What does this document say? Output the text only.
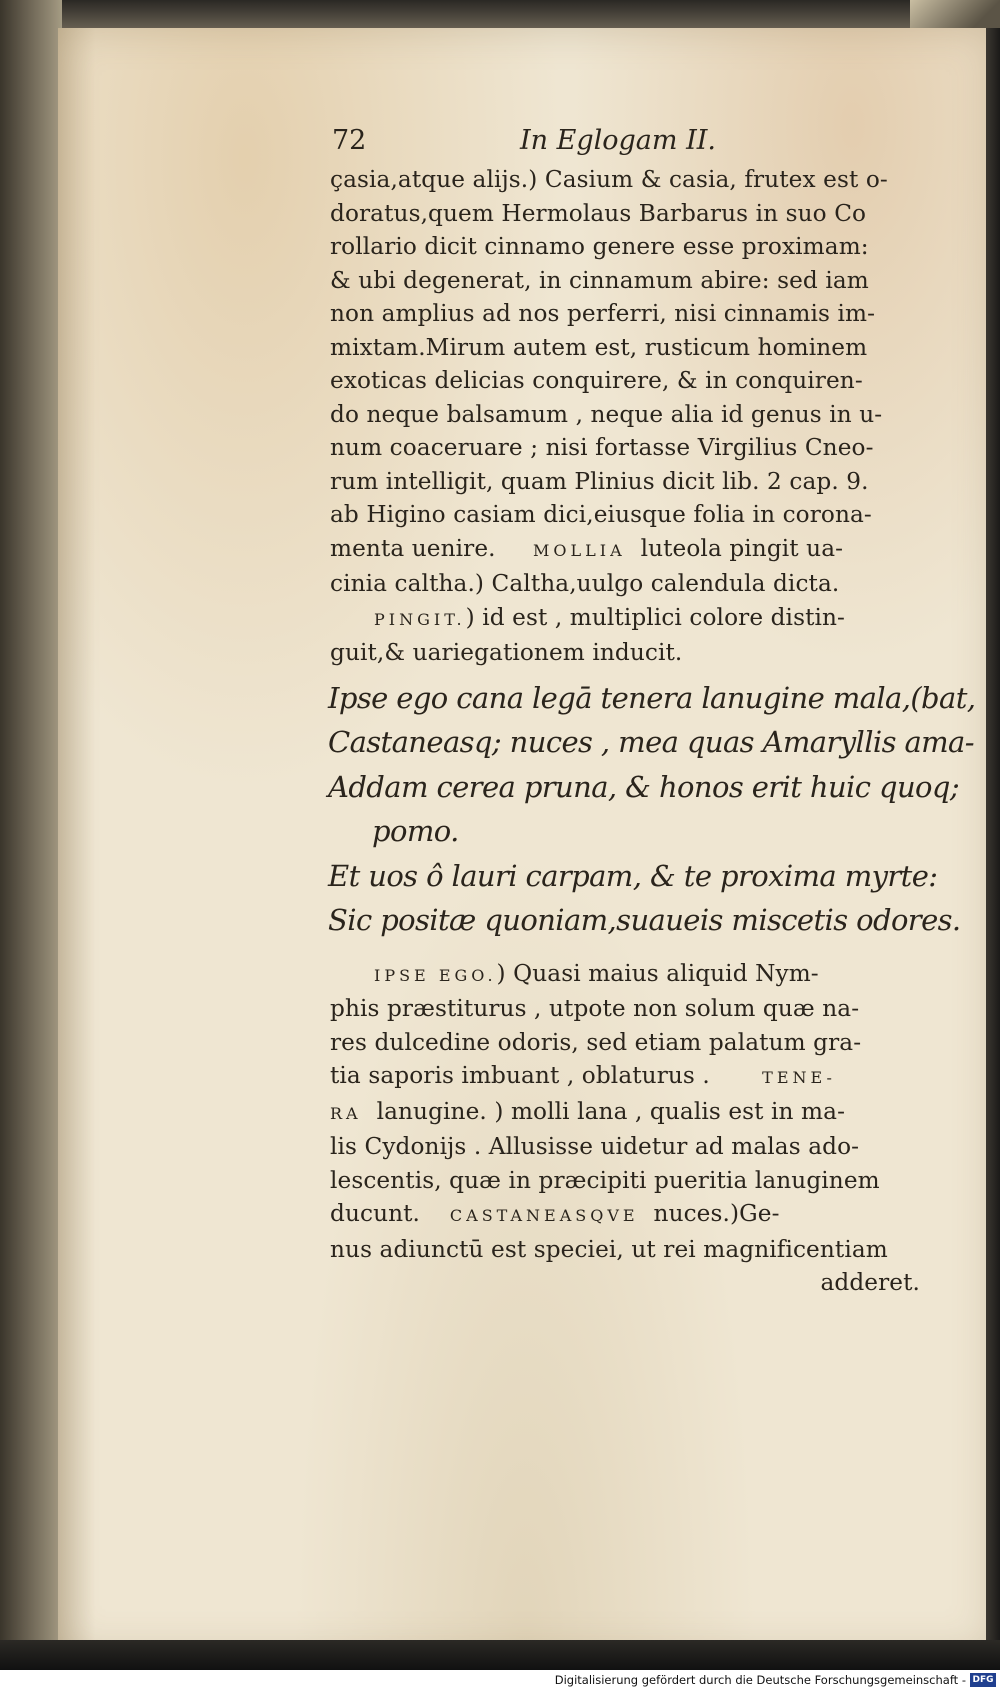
72	In Eglogam II.

çasia,atque alijs.) Casium & casia, frutex est o-

doratus,quem Hermolaus Barbarus in suo Co

rollario dicit cinnamo genere esse proximam:

& ubi degenerat, in cinnamum abire: sed iam

non amplius ad nos perferri, nisi cinnamis im-

mixtam.Mirum autem est, rusticum hominem

exoticas delicias conquirere, & in conquiren-

do neque balsamum , neque alia id genus in u-

num coaceruare ; nisi fortasse Virgilius Cneo-

rum intelligit, quam Plinius dicit lib. 2 cap. 9.

ab Higino casiam dici,eiusque folia in corona-

menta uenire. MOLLIA luteola pingit ua-

cinia caltha.) Caltha,uulgo calendula dicta.

PINGIT.) id est , multiplici colore distin-

guit,& uariegationem inducit.

Ipse ego cana legā tenera lanugine mala,(bat,
Castaneasq; nuces , mea quas Amaryllis ama-
Addam cerea pruna, & honos erit huic quoq;
pomo.
Et uos ô lauri carpam, & te proxima myrte:
Sic positæ quoniam,suaueis miscetis odores.

IPSE EGO.) Quasi maius aliquid Nym-

phis præstiturus , utpote non solum quæ na-

res dulcedine odoris, sed etiam palatum gra-

tia saporis imbuant , oblaturus .	TENE-

RA lanugine. ) molli lana , qualis est in ma-

lis Cydonijs . Allusisse uidetur ad malas ado-

lescentis, quæ in præcipiti pueritia lanuginem

ducunt. CASTANEASQVE nuces.)Ge-

nus adiunctū est speciei, ut rei magnificentiam

adderet.

Digitalisierung gefördert durch die Deutsche Forschungsgemeinschaft - DFG
